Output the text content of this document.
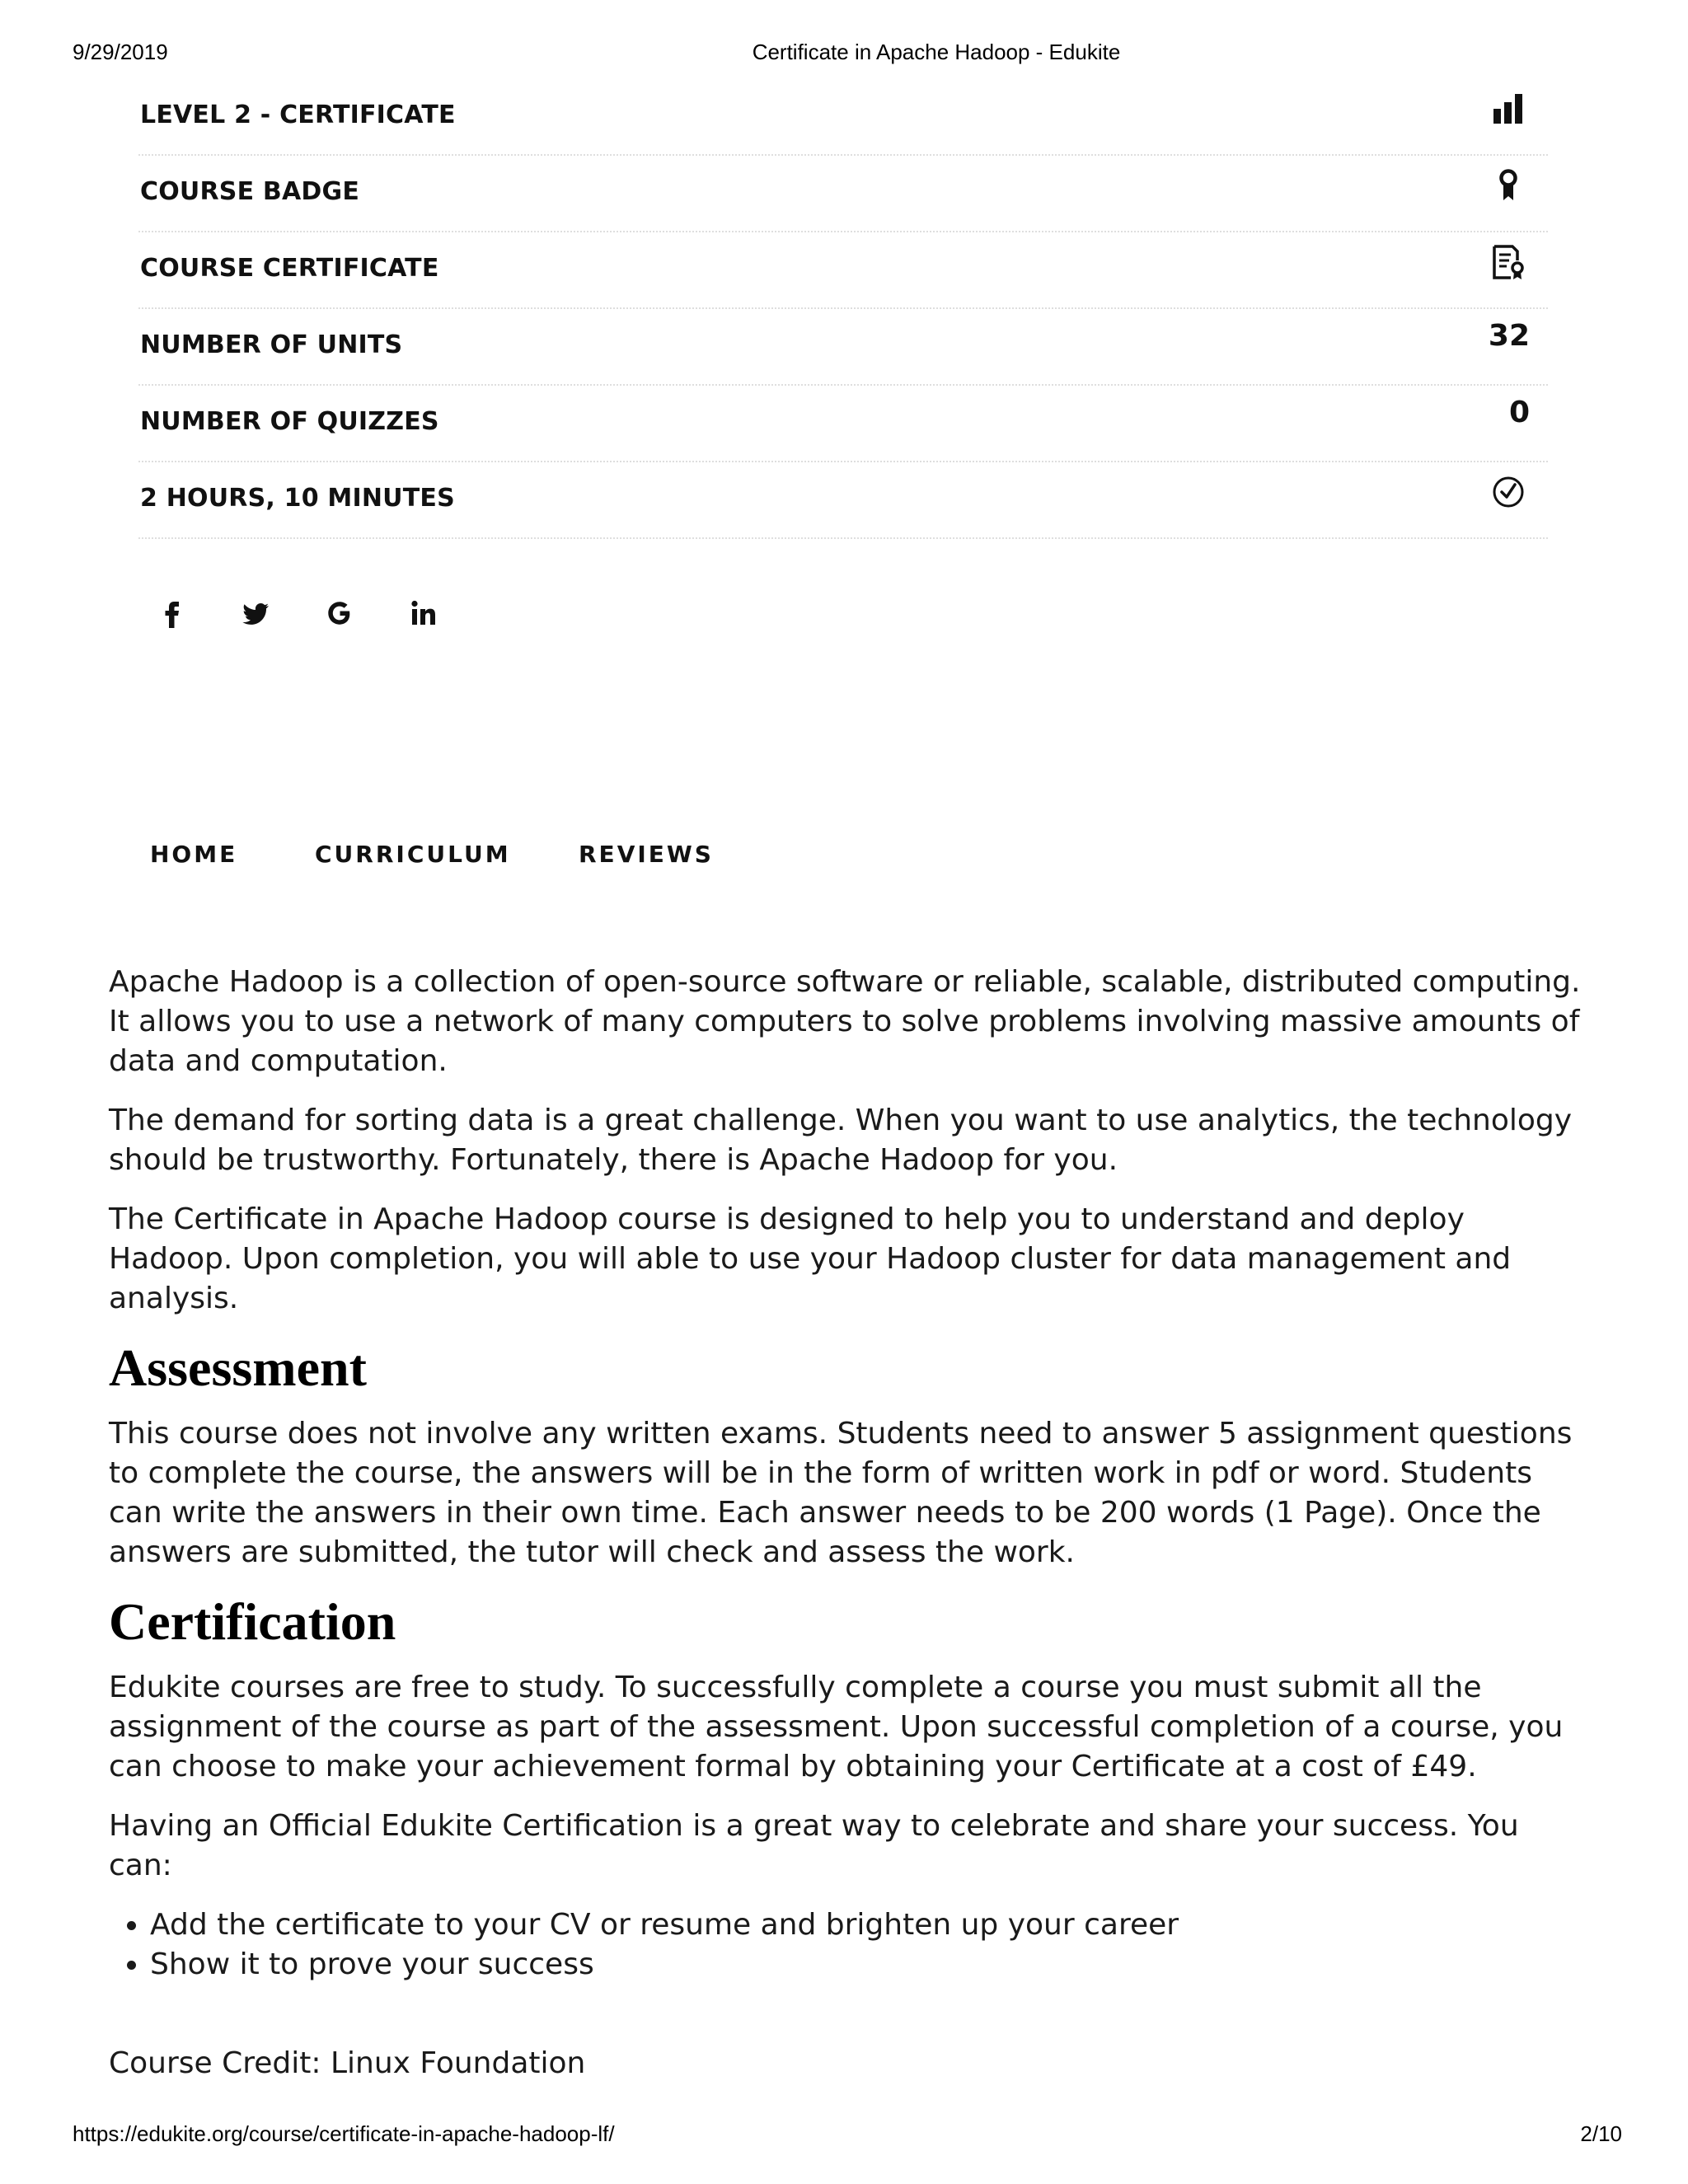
9/29/2019	Certificate in Apache Hadoop - Edukite
LEVEL 2 - CERTIFICATE
COURSE BADGE
COURSE CERTIFICATE
NUMBER OF UNITS	32
NUMBER OF QUIZZES	0
2 HOURS, 10 MINUTES
HOME	CURRICULUM	REVIEWS

Apache Hadoop is a collection of open-source software or reliable, scalable, distributed computing. It allows you to use a network of many computers to solve problems involving massive amounts of data and computation.

The demand for sorting data is a great challenge. When you want to use analytics, the technology should be trustworthy. Fortunately, there is Apache Hadoop for you.

The Certificate in Apache Hadoop course is designed to help you to understand and deploy Hadoop. Upon completion, you will able to use your Hadoop cluster for data management and analysis.

Assessment

This course does not involve any written exams. Students need to answer 5 assignment questions to complete the course, the answers will be in the form of written work in pdf or word. Students can write the answers in their own time. Each answer needs to be 200 words (1 Page). Once the answers are submitted, the tutor will check and assess the work.

Certification

Edukite courses are free to study. To successfully complete a course you must submit all the assignment of the course as part of the assessment. Upon successful completion of a course, you can choose to make your achievement formal by obtaining your Certificate at a cost of £49.

Having an Official Edukite Certification is a great way to celebrate and share your success. You can:

• Add the certificate to your CV or resume and brighten up your career
• Show it to prove your success

Course Credit: Linux Foundation

https://edukite.org/course/certificate-in-apache-hadoop-lf/	2/10
